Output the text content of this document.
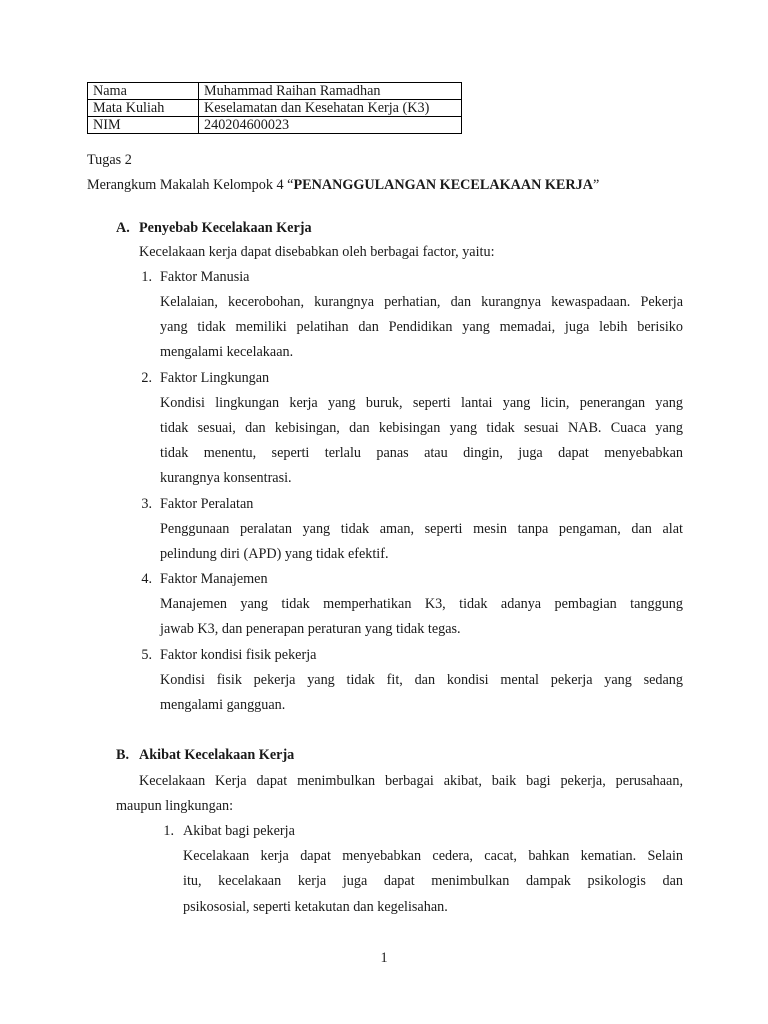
Nama	Muhammad Raihan Ramadhan
Mata Kuliah	Keselamatan dan Kesehatan Kerja (K3)
NIM	240204600023
Tugas 2
Merangkum Makalah Kelompok 4 “PENANGGULANGAN KECELAKAAN KERJA”
A. Penyebab Kecelakaan Kerja
Kecelakaan kerja dapat disebabkan oleh berbagai factor, yaitu:
1. Faktor Manusia
Kelalaian, kecerobohan, kurangnya perhatian, dan kurangnya kewaspadaan. Pekerja
yang tidak memiliki pelatihan dan Pendidikan yang memadai, juga lebih berisiko
mengalami kecelakaan.
2. Faktor Lingkungan
Kondisi lingkungan kerja yang buruk, seperti lantai yang licin, penerangan yang
tidak sesuai, dan kebisingan, dan kebisingan yang tidak sesuai NAB. Cuaca yang
tidak menentu, seperti terlalu panas atau dingin, juga dapat menyebabkan
kurangnya konsentrasi.
3. Faktor Peralatan
Penggunaan peralatan yang tidak aman, seperti mesin tanpa pengaman, dan alat
pelindung diri (APD) yang tidak efektif.
4. Faktor Manajemen
Manajemen yang tidak memperhatikan K3, tidak adanya pembagian tanggung
jawab K3, dan penerapan peraturan yang tidak tegas.
5. Faktor kondisi fisik pekerja
Kondisi fisik pekerja yang tidak fit, dan kondisi mental pekerja yang sedang
mengalami gangguan.
B. Akibat Kecelakaan Kerja
Kecelakaan Kerja dapat menimbulkan berbagai akibat, baik bagi pekerja, perusahaan,
maupun lingkungan:
1. Akibat bagi pekerja
Kecelakaan kerja dapat menyebabkan cedera, cacat, bahkan kematian. Selain
itu, kecelakaan kerja juga dapat menimbulkan dampak psikologis dan
psikososial, seperti ketakutan dan kegelisahan.
1
